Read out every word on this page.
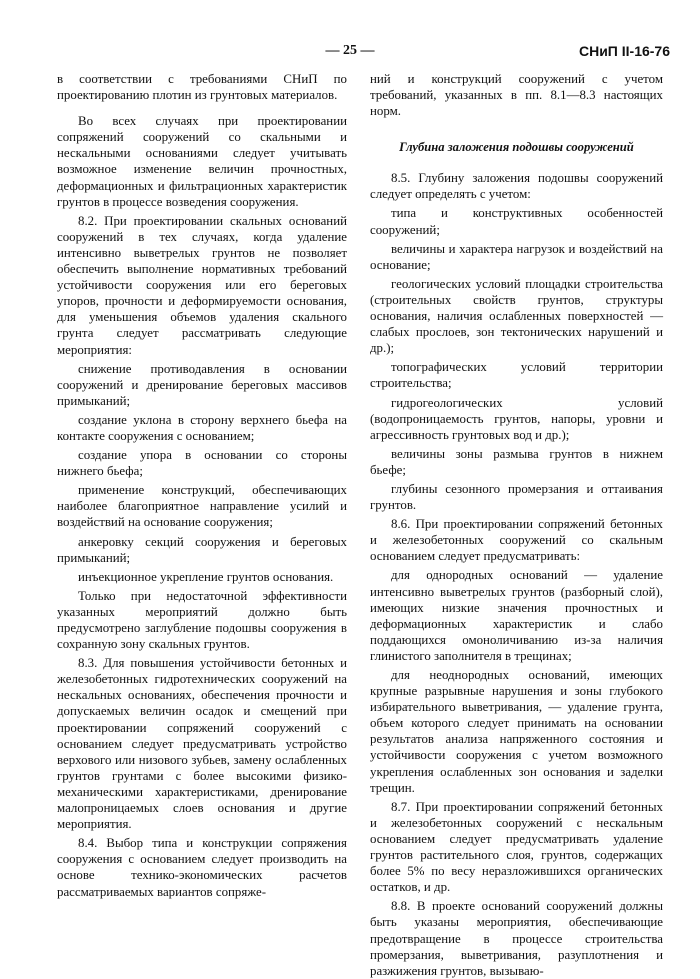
— 25 —	СНиП II-16-76

в соответствии с требованиями СНиП по проектированию плотин из грунтовых материалов.

Во всех случаях при проектировании сопряжений сооружений со скальными и нескальными основаниями следует учитывать возможное изменение величин прочностных, деформационных и фильтрационных характеристик грунтов в процессе возведения сооружения.

8.2. При проектировании скальных оснований сооружений в тех случаях, когда удаление интенсивно выветрелых грунтов не позволяет обеспечить выполнение нормативных требований устойчивости сооружения или его береговых упоров, прочности и деформируемости основания, для уменьшения объемов удаления скального грунта следует рассматривать следующие мероприятия:

снижение противодавления в основании сооружений и дренирование береговых массивов примыканий;

создание уклона в сторону верхнего бьефа на контакте сооружения с основанием;

создание упора в основании со стороны нижнего бьефа;

применение конструкций, обеспечивающих наиболее благоприятное направление усилий и воздействий на основание сооружения;

анкеровку секций сооружения и береговых примыканий;

инъекционное укрепление грунтов основания.

Только при недостаточной эффективности указанных мероприятий должно быть предусмотрено заглубление подошвы сооружения в сохранную зону скальных грунтов.

8.3. Для повышения устойчивости бетонных и железобетонных гидротехнических сооружений на нескальных основаниях, обеспечения прочности и допускаемых величин осадок и смещений при проектировании сопряжений сооружений с основанием следует предусматривать устройство верхового или низового зубьев, замену ослабленных грунтов грунтами с более высокими физико-механическими характеристиками, дренирование малопроницаемых слоев основания и другие мероприятия.

8.4. Выбор типа и конструкции сопряжения сооружения с основанием следует производить на основе технико-экономических расчетов рассматриваемых вариантов сопряже-

ний и конструкций сооружений с учетом требований, указанных в пп. 8.1—8.3 настоящих норм.

Глубина заложения подошвы сооружений

8.5. Глубину заложения подошвы сооружений следует определять с учетом:

типа и конструктивных особенностей сооружений;

величины и характера нагрузок и воздействий на основание;

геологических условий площадки строительства (строительных свойств грунтов, структуры основания, наличия ослабленных поверхностей — слабых прослоев, зон тектонических нарушений и др.);

топографических условий территории строительства;

гидрогеологических условий (водопроницаемость грунтов, напоры, уровни и агрессивность грунтовых вод и др.);

величины зоны размыва грунтов в нижнем бьефе;

глубины сезонного промерзания и оттаивания грунтов.

8.6. При проектировании сопряжений бетонных и железобетонных сооружений со скальным основанием следует предусматривать:

для однородных оснований — удаление интенсивно выветрелых грунтов (разборный слой), имеющих низкие значения прочностных и деформационных характеристик и слабо поддающихся омоноличиванию из-за наличия глинистого заполнителя в трещинах;

для неоднородных оснований, имеющих крупные разрывные нарушения и зоны глубокого избирательного выветривания, — удаление грунта, объем которого следует принимать на основании результатов анализа напряженного состояния и устойчивости сооружения с учетом возможного укрепления ослабленных зон основания и заделки трещин.

8.7. При проектировании сопряжений бетонных и железобетонных сооружений с нескальным основанием следует предусматривать удаление грунтов растительного слоя, грунтов, содержащих более 5% по весу неразложившихся органических остатков, и др.

8.8. В проекте оснований сооружений должны быть указаны мероприятия, обеспечивающие предотвращение в процессе строительства промерзания, выветривания, разуплотнения и разжижения грунтов, вызываю-
